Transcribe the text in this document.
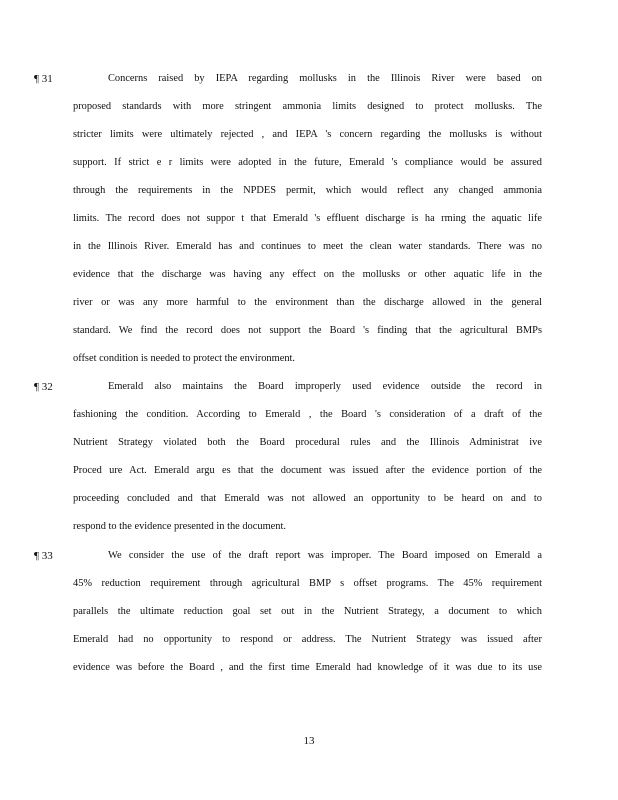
¶ 31	Concerns raised by IEPA regarding mollusks in the Illinois River were based on
proposed standards with more stringent ammonia limits designed to protect mollusks. The
stricter limits were ultimately rejected , and IEPA 's concern regarding the mollusks is without
support. If strict e r limits were adopted in the future, Emerald 's compliance would be assured
through the requirements in the NPDES permit, which would reflect any changed ammonia
limits. The record does not suppor t that Emerald 's effluent discharge is ha rming the aquatic life
in the Illinois River. Emerald has and continues to meet the clean water standards. There was no
evidence that the discharge was having any effect on the mollusks or other aquatic life in the
river or was any more harmful to the environment than the discharge allowed in the general
standard. We find the record does not support the Board 's finding that the agricultural BMPs
offset condition is needed to protect the environment.
¶ 32	Emerald also maintains the Board improperly used evidence outside the record in
fashioning the condition. According to Emerald , the Board 's consideration of a draft of the
Nutrient Strategy violated both the Board procedural rules and the Illinois Administrat ive
Proced ure Act. Emerald argu es that the document was issued after the evidence portion of the
proceeding concluded and that Emerald was not allowed an opportunity to be heard on and to
respond to the evidence presented in the document.
¶ 33	We consider the use of the draft report was improper. The Board imposed on Emerald a
45% reduction requirement through agricultural BMP s offset programs. The 45% requirement
parallels the ultimate reduction goal set out in the Nutrient Strategy, a document to which
Emerald had no opportunity to respond or address. The Nutrient Strategy was issued after
evidence was before the Board , and the first time Emerald had knowledge of it was due to its use
13
